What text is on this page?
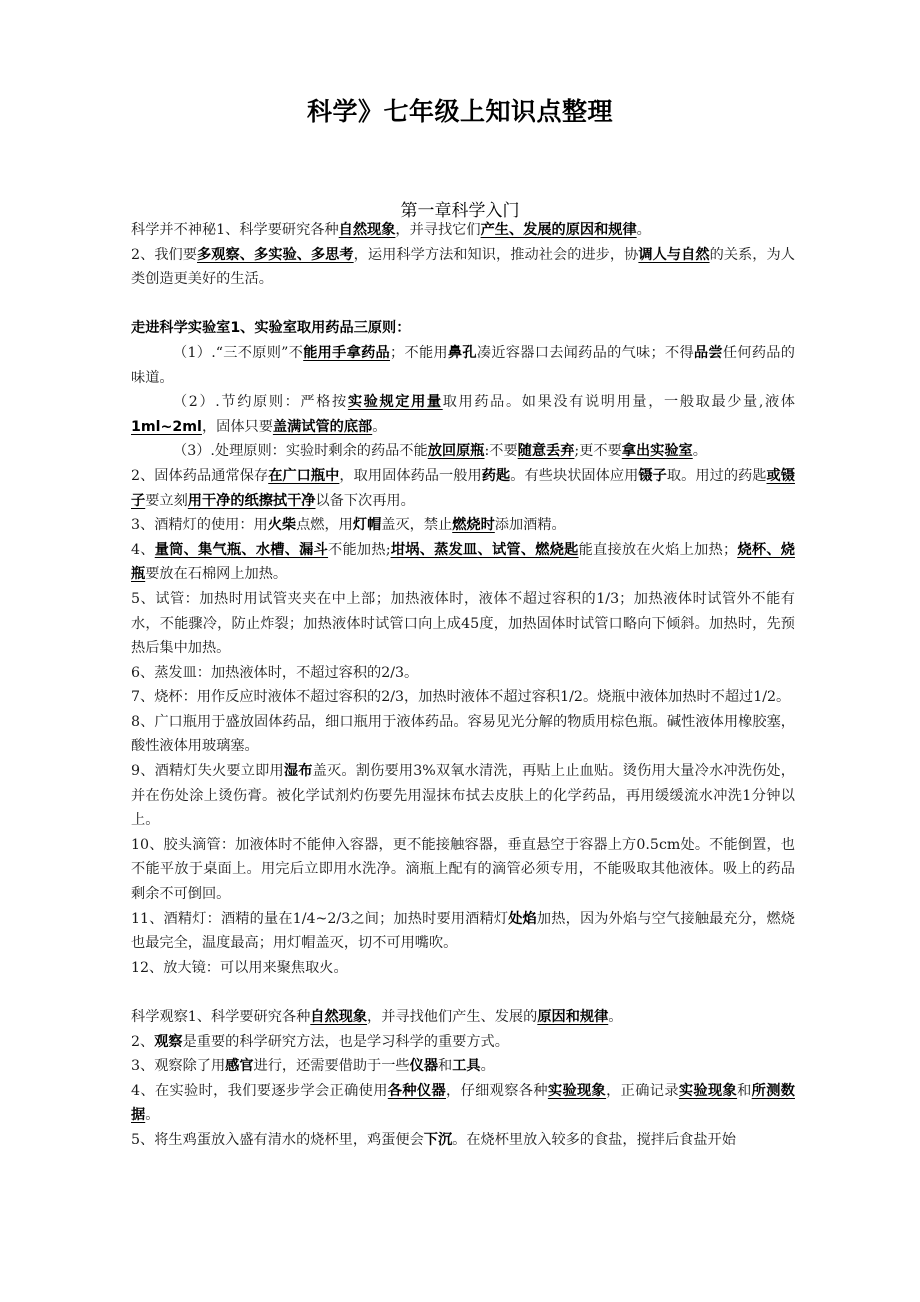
科学》七年级上知识点整理
第一章科学入门

科学并不神秘1、科学要研究各种自然现象，并寻找它们产生、发展的原因和规律。

2、我们要多观察、多实验、多思考，运用科学方法和知识，推动社会的进步，协调人与自然的关系，为人类创造更美好的生活。

走进科学实验室1、实验室取用药品三原则：

（1）.“三不原则”不能用手拿药品；不能用鼻孔凑近容器口去闻药品的气味；不得品尝任何药品的味道。

（2）.节约原则：严格按实验规定用量取用药品。如果没有说明用量，一般取最少量,液体1ml~2ml，固体只要盖满试管的底部。

（3）.处理原则：实验时剩余的药品不能放回原瓶:不要随意丢弃;更不要拿出实验室。

2、固体药品通常保存在广口瓶中，取用固体药品一般用药匙。有些块状固体应用镊子取。用过的药匙或镊子要立刻用干净的纸擦拭干净以备下次再用。

3、酒精灯的使用：用火柴点燃，用灯帽盖灭，禁止燃烧时添加酒精。

4、量筒、集气瓶、水槽、漏斗不能加热;坩埚、蒸发皿、试管、燃烧匙能直接放在火焰上加热；烧杯、烧瓶要放在石棉网上加热。

5、试管：加热时用试管夹夹在中上部；加热液体时，液体不超过容积的1/3；加热液体时试管外不能有水，不能骤冷，防止炸裂；加热液体时试管口向上成45度，加热固体时试管口略向下倾斜。加热时，先预热后集中加热。

6、蒸发皿：加热液体时，不超过容积的2/3。

7、烧杯：用作反应时液体不超过容积的2/3，加热时液体不超过容积1/2。烧瓶中液体加热时不超过1/2。

8、广口瓶用于盛放固体药品，细口瓶用于液体药品。容易见光分解的物质用棕色瓶。碱性液体用橡胶塞，酸性液体用玻璃塞。

9、酒精灯失火要立即用湿布盖灭。割伤要用3%双氧水清洗，再贴上止血贴。烫伤用大量冷水冲洗伤处，并在伤处涂上烫伤膏。被化学试剂灼伤要先用湿抹布拭去皮肤上的化学药品，再用缓缓流水冲洗1分钟以上。

10、胶头滴管：加液体时不能伸入容器，更不能接触容器，垂直悬空于容器上方0.5cm处。不能倒置，也不能平放于桌面上。用完后立即用水洗净。滴瓶上配有的滴管必须专用，不能吸取其他液体。吸上的药品剩余不可倒回。

11、酒精灯：酒精的量在1/4~2/3之间；加热时要用酒精灯处焰加热，因为外焰与空气接触最充分，燃烧也最完全，温度最高；用灯帽盖灭，切不可用嘴吹。

12、放大镜：可以用来聚焦取火。

科学观察1、科学要研究各种自然现象，并寻找他们产生、发展的原因和规律。

2、观察是重要的科学研究方法，也是学习科学的重要方式。

3、观察除了用感官进行，还需要借助于一些仪器和工具。

4、在实验时，我们要逐步学会正确使用各种仪器，仔细观察各种实验现象，正确记录实验现象和所测数据。

5、将生鸡蛋放入盛有清水的烧杯里，鸡蛋便会下沉。在烧杯里放入较多的食盐，搅拌后食盐开始
